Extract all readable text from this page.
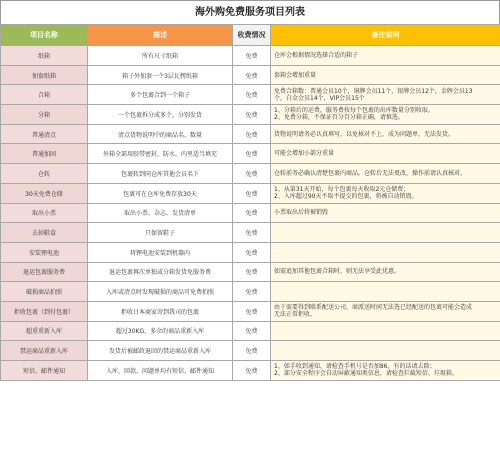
海外购免费服务项目列表
项目名称	描述	收费情况	备注说明
纸箱	所有尺寸纸箱	免费	仓库会根据情况选择合适的箱子

加套纸箱	箱子外加套一个3层瓦楞纸箱	免费	套箱会增加重量

合箱	多个包裹合到一个箱子	免费	免费合箱数：普通会员10个，铜牌会员11个，银牌会员12个，金牌会员13
个，白金会员14个，VIP会员15个

分箱	一个包裹拆分成多个，分别发货	免费	1、分箱后的运费，服务费按每个包裹的出库数量分别收取。
2、免费分箱，不保证百分百分箱正确，请慎选。

普通清点	清点货物说明中的商品名、数量	免费	货物说明请务必认真填写，以免核对不上，成为问题单，无法发货。

普通加固	外箱全部用胶带密封，防水，内里适当填充	免费	可能会增加小部分重量

仓转	包裹转到同仓库其他会员名下	免费	仓转前务必确认清楚包裹内商品，仓转后无法更改，操作前请认真核对。

30天免费仓储	包裹可在仓库免费存放30天	免费	1、从第31天开始，每个包裹每天收取2元仓储费；
2、入库超过90天不取不提交的包裹，将被自动销毁。

取出小票	取出小票、杂志、发货清单	免费	小票取出后将被销毁

去掉鞋盒	只保留鞋子	免费	

安装锂电池	将锂电池安装到机器内	免费	

退运包裹服务费	退运包裹再次单独或分箱发货免服务费	免费	如需追加其他包裹合箱时，则无法享受此优惠。

破损商品拍照	入库或清点时发现破损的商品可免费拍照	免费	

拒收包裹（到付包裹）	拒收日本商家寄到我司的包裹	免费	由于需要得到联系配送公司，商派送时间无法选已经配送的包裹可能会造成
无法正常拒收。

超重重新入库	超过30KG，多余的商品重新入库	免费	

禁运商品重新入库	发货后被邮政退回的禁运商品重新入库	免费	

短信、邮件通知	入库、回款、问题单均有短信、邮件通知	免费	1、如手收到通知，请检查手机号是否加86，有的话请去除；
2、部分安全程序会自动屏蔽通知类信息，请检查拦截短信、垃圾箱。
